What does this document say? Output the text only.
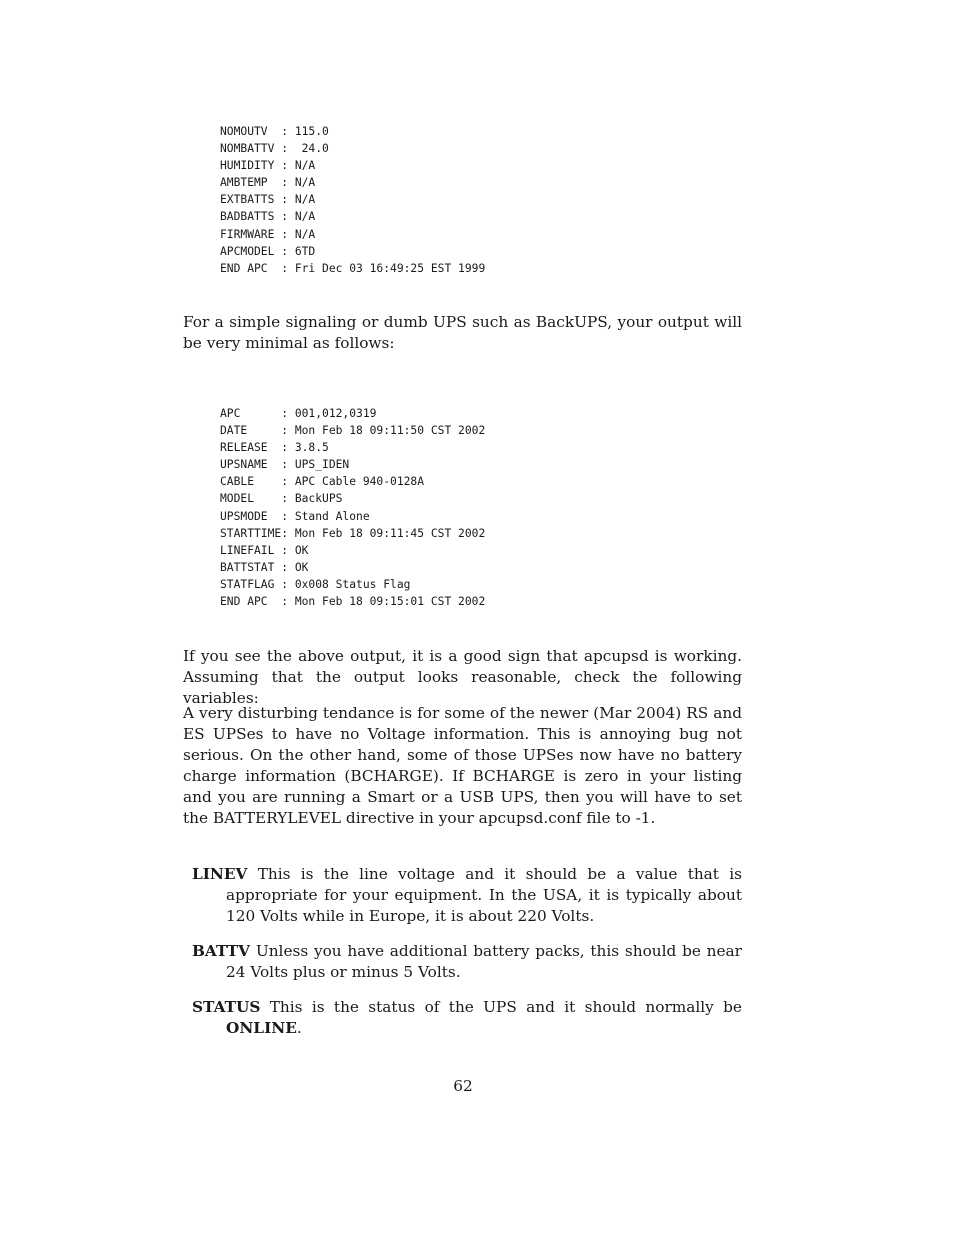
NOMOUTV  : 115.0
NOMBATTV :  24.0
HUMIDITY : N/A
AMBTEMP  : N/A
EXTBATTS : N/A
BADBATTS : N/A
FIRMWARE : N/A
APCMODEL : 6TD
END APC  : Fri Dec 03 16:49:25 EST 1999

For a simple signaling or dumb UPS such as BackUPS, your output will be very minimal as follows:

APC      : 001,012,0319
DATE     : Mon Feb 18 09:11:50 CST 2002
RELEASE  : 3.8.5
UPSNAME  : UPS_IDEN
CABLE    : APC Cable 940-0128A
MODEL    : BackUPS
UPSMODE  : Stand Alone
STARTTIME: Mon Feb 18 09:11:45 CST 2002
LINEFAIL : OK
BATTSTAT : OK
STATFLAG : 0x008 Status Flag
END APC  : Mon Feb 18 09:15:01 CST 2002

If you see the above output, it is a good sign that apcupsd is working. Assuming that the output looks reasonable, check the following variables:

A very disturbing tendance is for some of the newer (Mar 2004) RS and ES UPSes to have no Voltage information. This is annoying bug not serious. On the other hand, some of those UPSes now have no battery charge information (BCHARGE). If BCHARGE is zero in your listing and you are running a Smart or a USB UPS, then you will have to set the BATTERYLEVEL directive in your apcupsd.conf file to -1.

LINEV This is the line voltage and it should be a value that is appropriate for your equipment. In the USA, it is typically about 120 Volts while in Europe, it is about 220 Volts.

BATTV Unless you have additional battery packs, this should be near 24 Volts plus or minus 5 Volts.

STATUS This is the status of the UPS and it should normally be ONLINE.

62
